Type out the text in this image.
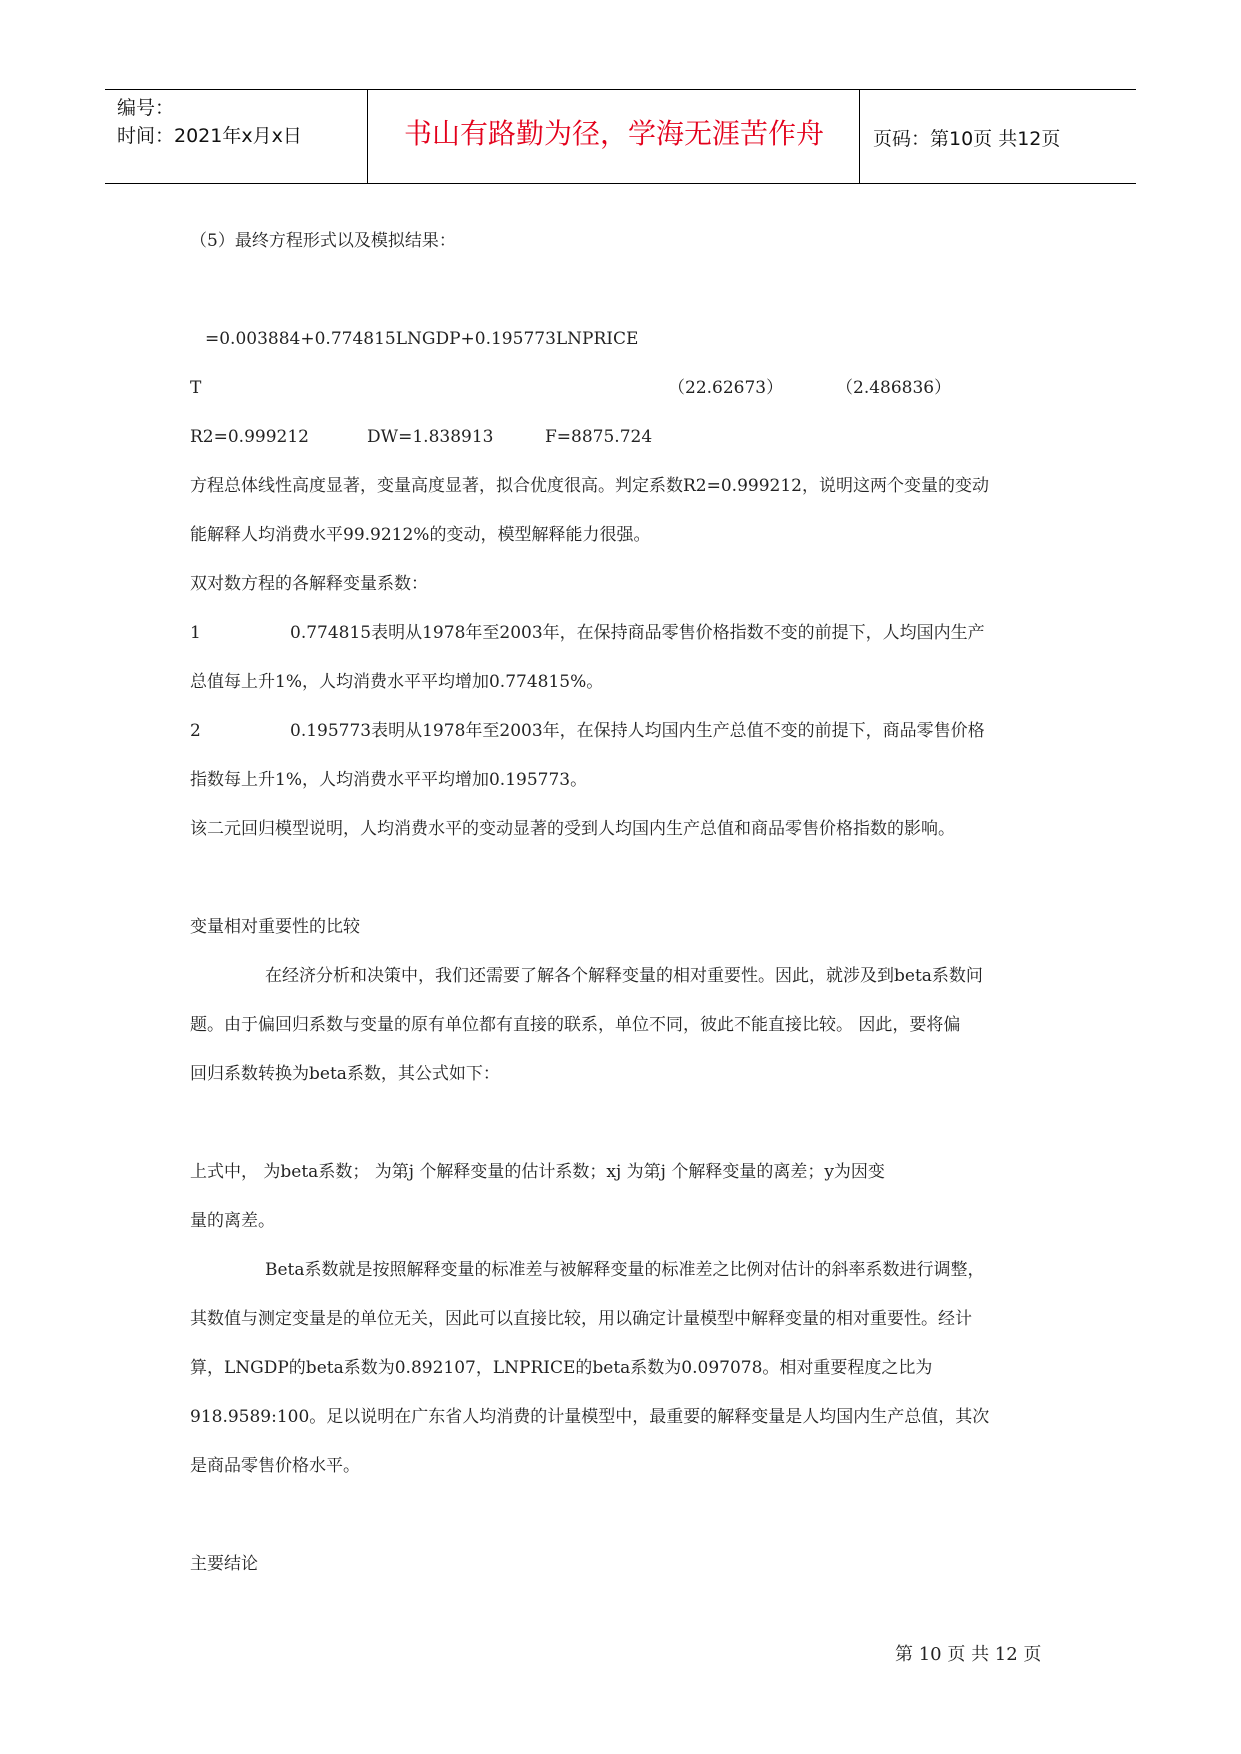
编号：
时间：2021年x月x日	书山有路勤为径，学海无涯苦作舟	页码：第10页 共12页
（5）最终方程形式以及模拟结果：
=0.003884+0.774815LNGDP+0.195773LNPRICE
T	（22.62673）	（2.486836）
R2=0.999212	DW=1.838913	F=8875.724
方程总体线性高度显著，变量高度显著，拟合优度很高。判定系数R2=0.999212，说明这两个变量的变动
能解释人均消费水平99.9212%的变动，模型解释能力很强。
双对数方程的各解释变量系数：
1	0.774815表明从1978年至2003年，在保持商品零售价格指数不变的前提下，人均国内生产
总值每上升1%，人均消费水平平均增加0.774815%。
2	0.195773表明从1978年至2003年，在保持人均国内生产总值不变的前提下，商品零售价格
指数每上升1%，人均消费水平平均增加0.195773。
该二元回归模型说明，人均消费水平的变动显著的受到人均国内生产总值和商品零售价格指数的影响。
变量相对重要性的比较
在经济分析和决策中，我们还需要了解各个解释变量的相对重要性。因此，就涉及到beta系数问
题。由于偏回归系数与变量的原有单位都有直接的联系，单位不同，彼此不能直接比较。 因此，要将偏
回归系数转换为beta系数，其公式如下：
上式中， 为beta系数； 为第j 个解释变量的估计系数；xj 为第j 个解释变量的离差；y为因变
量的离差。
Beta系数就是按照解释变量的标准差与被解释变量的标准差之比例对估计的斜率系数进行调整，
其数值与测定变量是的单位无关，因此可以直接比较，用以确定计量模型中解释变量的相对重要性。经计
算，LNGDP的beta系数为0.892107，LNPRICE的beta系数为0.097078。相对重要程度之比为
918.9589:100。足以说明在广东省人均消费的计量模型中，最重要的解释变量是人均国内生产总值，其次
是商品零售价格水平。
主要结论
第 10 页 共 12 页
